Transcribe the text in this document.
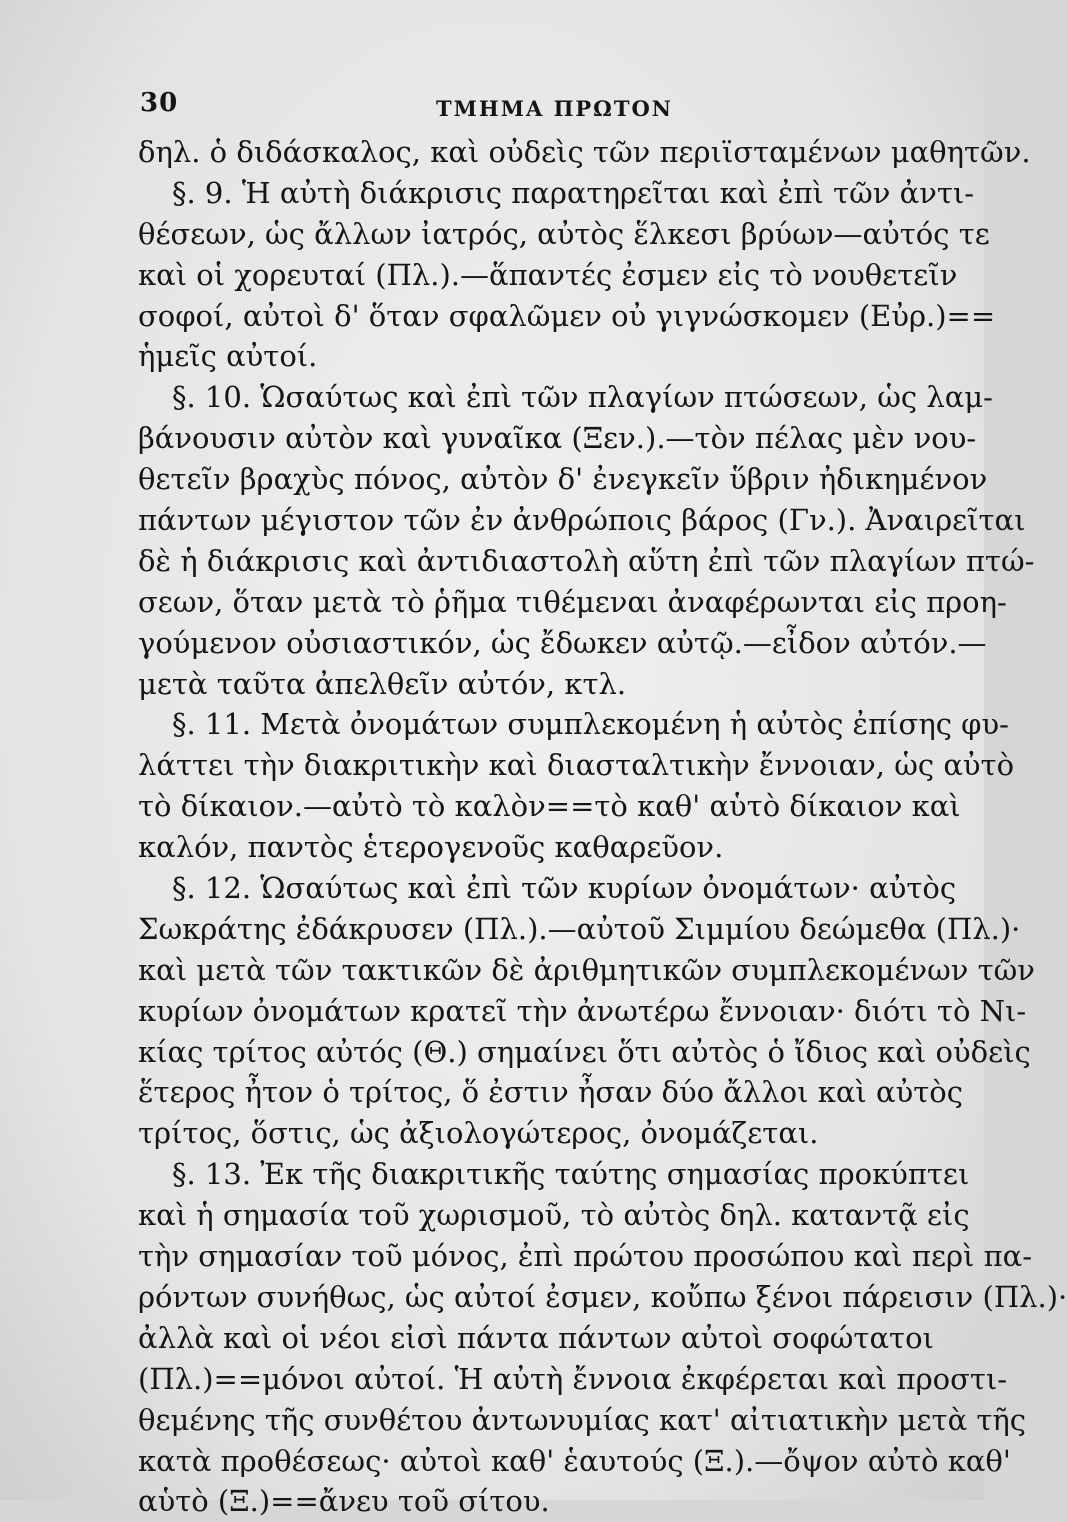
30	ΤΜΗΜΑ ΠΡΩΤΟΝ
δηλ. ὁ διδάσκαλος, καὶ οὐδεὶς τῶν περιϊσταμένων μαθητῶν.
§. 9. Ἡ αὐτὴ διάκρισις παρατηρεῖται καὶ ἐπὶ τῶν ἀντι-
θέσεων, ὡς ἄλλων ἰατρός, αὐτὸς ἕλκεσι βρύων—αὐτός τε
καὶ οἱ χορευταί (Πλ.).—ἅπαντές ἐσμεν εἰς τὸ νουθετεῖν
σοφοί, αὐτοὶ δ' ὅταν σφαλῶμεν οὐ γιγνώσκομεν (Εὐρ.)==
ἡμεῖς αὐτοί.
§. 10. Ὡσαύτως καὶ ἐπὶ τῶν πλαγίων πτώσεων, ὡς λαμ-
βάνουσιν αὐτὸν καὶ γυναῖκα (Ξεν.).—τὸν πέλας μὲν νου-
θετεῖν βραχὺς πόνος, αὐτὸν δ' ἐνεγκεῖν ὕβριν ἠδικημένον
πάντων μέγιστον τῶν ἐν ἀνθρώποις βάρος (Γν.). Ἀναιρεῖται
δὲ ἡ διάκρισις καὶ ἀντιδιαστολὴ αὕτη ἐπὶ τῶν πλαγίων πτώ-
σεων, ὅταν μετὰ τὸ ῥῆμα τιθέμεναι ἀναφέρωνται εἰς προη-
γούμενον οὐσιαστικόν, ὡς ἔδωκεν αὐτῷ.—εἶδον αὐτόν.—
μετὰ ταῦτα ἀπελθεῖν αὐτόν, κτλ.
§. 11. Μετὰ ὀνομάτων συμπλεκομένη ἡ αὐτὸς ἐπίσης φυ-
λάττει τὴν διακριτικὴν καὶ διασταλτικὴν ἔννοιαν, ὡς αὐτὸ
τὸ δίκαιον.—αὐτὸ τὸ καλὸν==τὸ καθ' αὑτὸ δίκαιον καὶ
καλόν, παντὸς ἑτερογενοῦς καθαρεῦον.
§. 12. Ὡσαύτως καὶ ἐπὶ τῶν κυρίων ὀνομάτων· αὐτὸς
Σωκράτης ἐδάκρυσεν (Πλ.).—αὐτοῦ Σιμμίου δεώμεθα (Πλ.)·
καὶ μετὰ τῶν τακτικῶν δὲ ἀριθμητικῶν συμπλεκομένων τῶν
κυρίων ὀνομάτων κρατεῖ τὴν ἀνωτέρω ἔννοιαν· διότι τὸ Νι-
κίας τρίτος αὐτός (Θ.) σημαίνει ὅτι αὐτὸς ὁ ἴδιος καὶ οὐδεὶς
ἕτερος ἦτον ὁ τρίτος, ὅ ἐστιν ἦσαν δύο ἄλλοι καὶ αὐτὸς
τρίτος, ὅστις, ὡς ἀξιολογώτερος, ὀνομάζεται.
§. 13. Ἐκ τῆς διακριτικῆς ταύτης σημασίας προκύπτει
καὶ ἡ σημασία τοῦ χωρισμοῦ, τὸ αὐτὸς δηλ. καταντᾷ εἰς
τὴν σημασίαν τοῦ μόνος, ἐπὶ πρώτου προσώπου καὶ περὶ πα-
ρόντων συνήθως, ὡς αὐτοί ἐσμεν, κοὔπω ξένοι πάρεισιν (Πλ.)·
ἀλλὰ καὶ οἱ νέοι εἰσὶ πάντα πάντων αὐτοὶ σοφώτατοι
(Πλ.)==μόνοι αὐτοί. Ἡ αὐτὴ ἔννοια ἐκφέρεται καὶ προστι-
θεμένης τῆς συνθέτου ἀντωνυμίας κατ' αἰτιατικὴν μετὰ τῆς
κατὰ προθέσεως· αὐτοὶ καθ' ἑαυτούς (Ξ.).—ὄψον αὐτὸ καθ'
αὑτὸ (Ξ.)==ἄνευ τοῦ σίτου.
